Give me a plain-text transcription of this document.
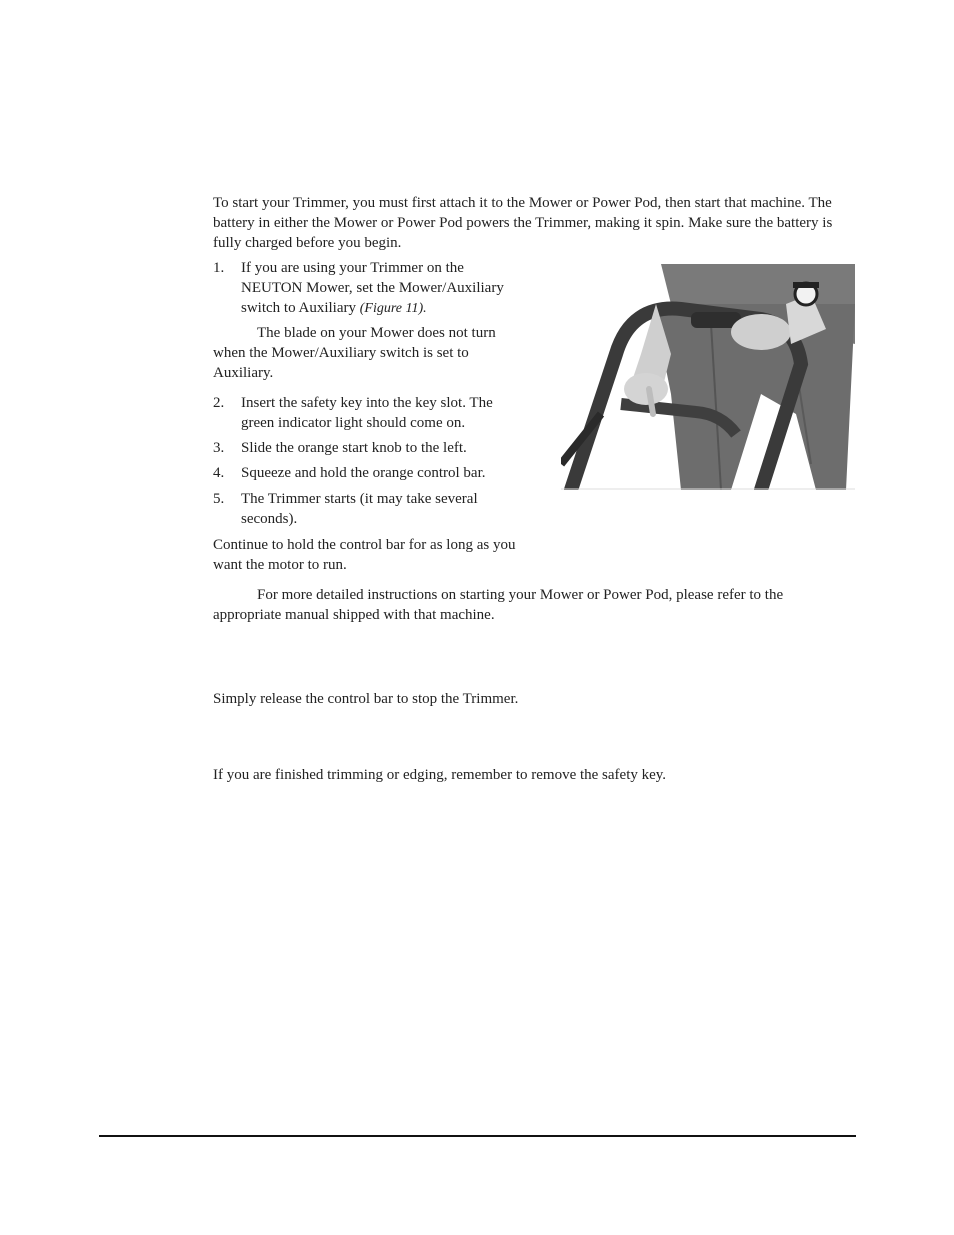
To start your Trimmer, you must first attach it to the Mower or Power Pod, then start that machine. The battery in either the Mower or Power Pod powers the Trimmer, making it spin. Make sure the battery is fully charged before you begin.

1. If you are using your Trimmer on the NEUTON Mower, set the Mower/Auxiliary switch to Auxiliary (Figure 11).

The blade on your Mower does not turn when the Mower/Auxiliary switch is set to Auxiliary.

2. Insert the safety key into the key slot. The green indicator light should come on.
3. Slide the orange start knob to the left.
4. Squeeze and hold the orange control bar.
5. The Trimmer starts (it may take several seconds).

Continue to hold the control bar for as long as you want the motor to run.

For more detailed instructions on starting your Mower or Power Pod, please refer to the appropriate manual shipped with that machine.

Simply release the control bar to stop the Trimmer.

If you are finished trimming or edging, remember to remove the safety key.
